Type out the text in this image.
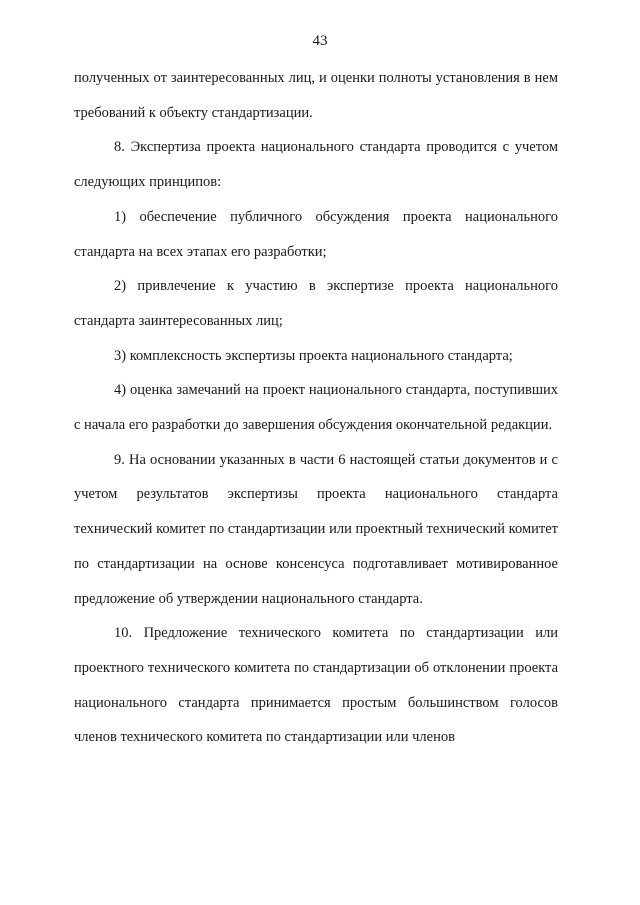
43

полученных от заинтересованных лиц, и оценки полноты установления в нем требований к объекту стандартизации.

8. Экспертиза проекта национального стандарта проводится с учетом следующих принципов:

1) обеспечение публичного обсуждения проекта национального стандарта на всех этапах его разработки;

2) привлечение к участию в экспертизе проекта национального стандарта заинтересованных лиц;

3) комплексность экспертизы проекта национального стандарта;

4) оценка замечаний на проект национального стандарта, поступивших с начала его разработки до завершения обсуждения окончательной редакции.

9. На основании указанных в части 6 настоящей статьи документов и с учетом результатов экспертизы проекта национального стандарта технический комитет по стандартизации или проектный технический комитет по стандартизации на основе консенсуса подготавливает мотивированное предложение об утверждении национального стандарта.

10. Предложение технического комитета по стандартизации или проектного технического комитета по стандартизации об отклонении проекта национального стандарта принимается простым большинством голосов членов технического комитета по стандартизации или членов
